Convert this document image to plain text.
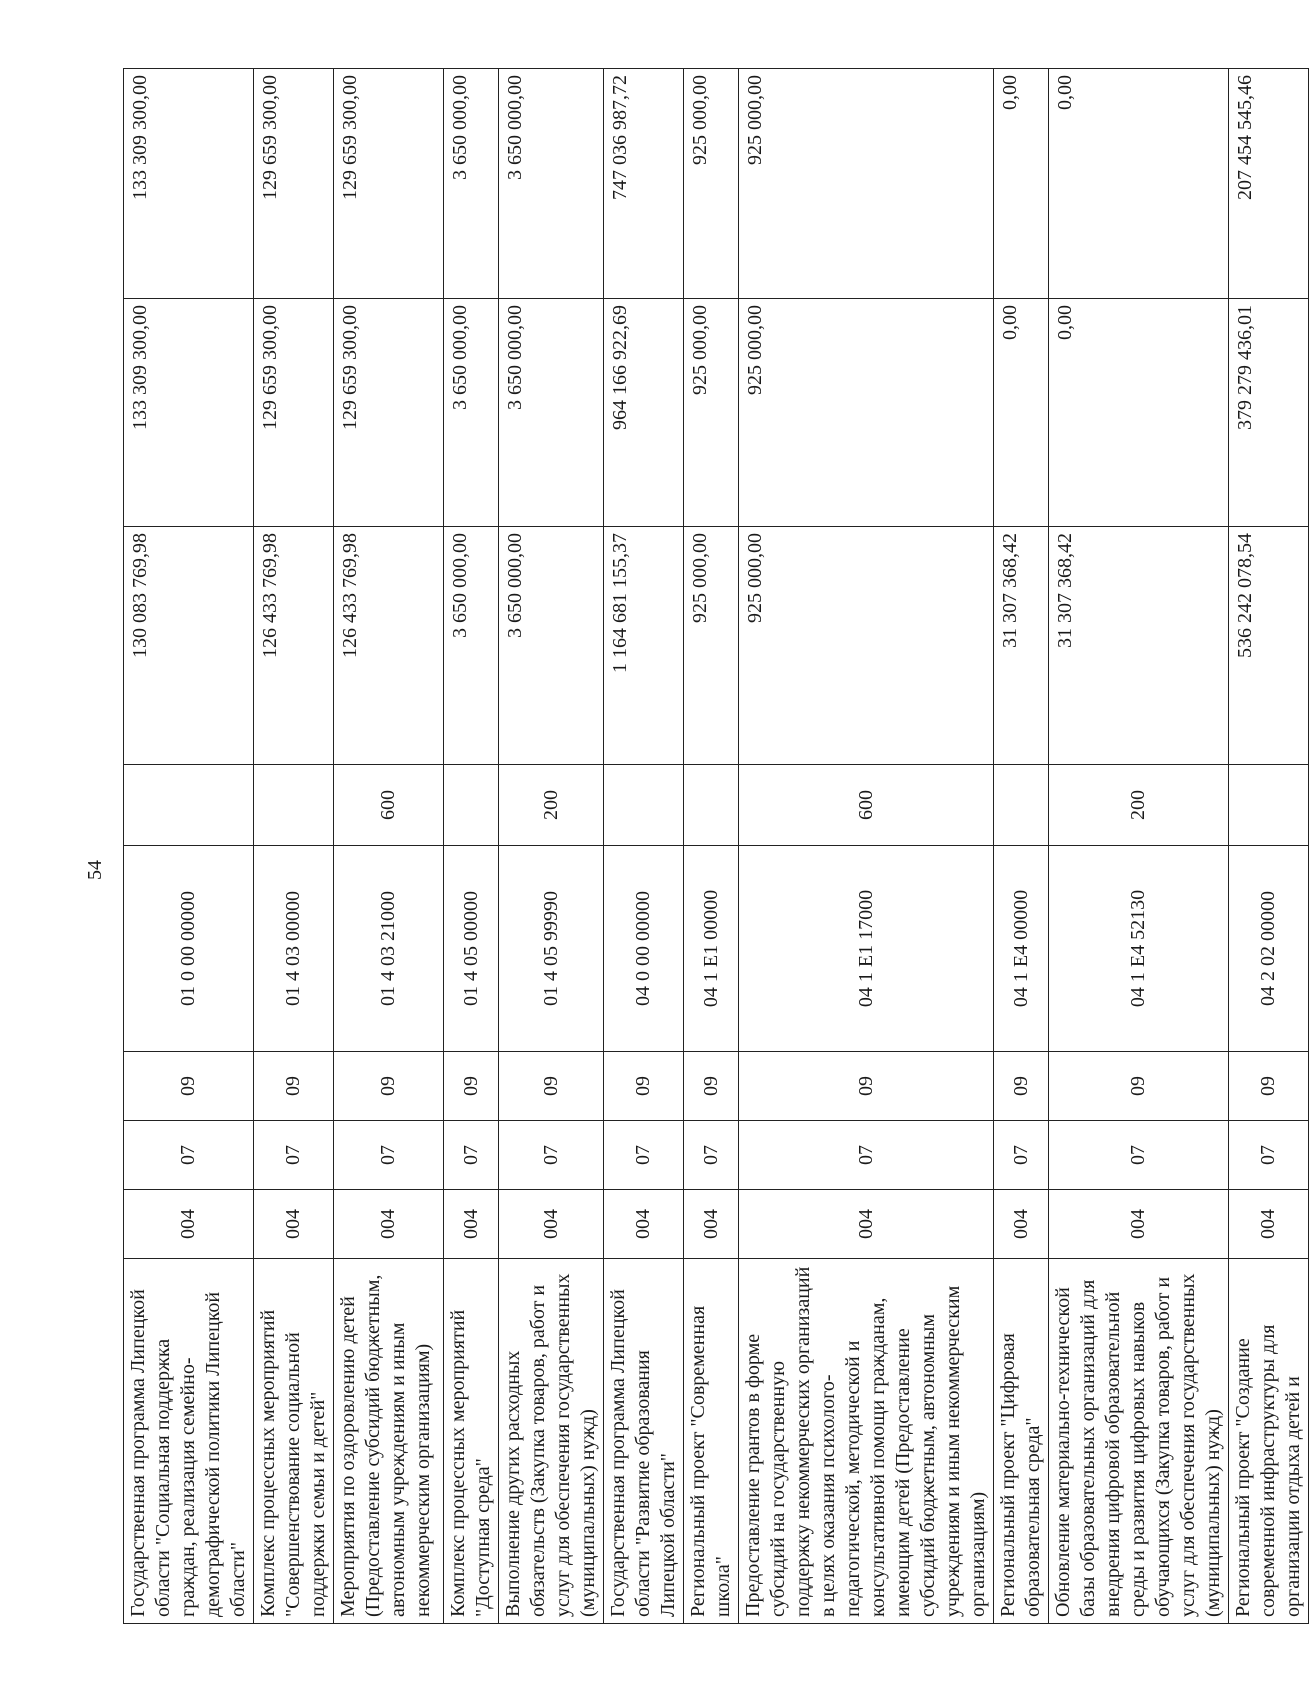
54
Государственная программа Липецкой области "Социальная поддержка граждан, реализация семейно-демографической политики Липецкой области"	004	07	09	01 0 00 00000		130 083 769,98	133 309 300,00	133 309 300,00
Комплекс процессных мероприятий "Совершенствование социальной поддержки семьи и детей"	004	07	09	01 4 03 00000		126 433 769,98	129 659 300,00	129 659 300,00
Мероприятия по оздоровлению детей (Предоставление субсидий бюджетным, автономным учреждениям и иным некоммерческим организациям)	004	07	09	01 4 03 21000	600	126 433 769,98	129 659 300,00	129 659 300,00
Комплекс процессных мероприятий "Доступная среда"	004	07	09	01 4 05 00000		3 650 000,00	3 650 000,00	3 650 000,00
Выполнение других расходных обязательств (Закупка товаров, работ и услуг для обеспечения государственных (муниципальных) нужд)	004	07	09	01 4 05 99990	200	3 650 000,00	3 650 000,00	3 650 000,00
Государственная программа Липецкой области "Развитие образования Липецкой области"	004	07	09	04 0 00 00000		1 164 681 155,37	964 166 922,69	747 036 987,72
Региональный проект "Современная школа"	004	07	09	04 1 E1 00000		925 000,00	925 000,00	925 000,00
Предоставление грантов в форме субсидий на государственную поддержку некоммерческих организаций в целях оказания психолого-педагогической, методической и консультативной помощи гражданам, имеющим детей (Предоставление субсидий бюджетным, автономным учреждениям и иным некоммерческим организациям)	004	07	09	04 1 E1 17000	600	925 000,00	925 000,00	925 000,00
Региональный проект "Цифровая образовательная среда"	004	07	09	04 1 E4 00000		31 307 368,42	0,00	0,00
Обновление материально-технической базы образовательных организаций для внедрения цифровой образовательной среды и развития цифровых навыков обучающихся (Закупка товаров, работ и услуг для обеспечения государственных (муниципальных) нужд)	004	07	09	04 1 E4 52130	200	31 307 368,42	0,00	0,00
Региональный проект "Создание современной инфраструктуры для организации отдыха детей и	004	07	09	04 2 02 00000		536 242 078,54	379 279 436,01	207 454 545,46
